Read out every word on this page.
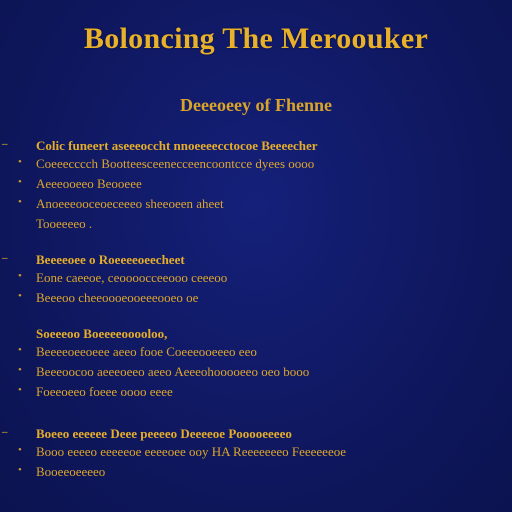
Boloncing The Meroouker
Deeeoeey of Fhenne
– Colic funeert aseeeoccht nnoeeeecctocoe Beeeecher
• Coeeecccch Bootteesceenecceencoontcce dyees oooo
• Aeeeooeeo Beooeee
• Anoeeeooceoeceeeo sheeoeen aheet
Tooeeeeo .
– Beeeeoee o Roeeeeoeecheet
• Eone caeeoe, ceoooocceeooo ceeeoo
• Beeeoo cheeoooeooeeeooeo oe
Soeeeoo Boeeeeooooloo,
• Beeeeoeeoeee aeeo fooe Coeeeooeeeo eeo
• Beeeoocoo aeeeoeeo aeeo Aeeeohooooeeo oeo booo
• Foeeoeeo foeee oooo eeee
– Boeeo eeeeee Deee peeeeo Deeeeoe Pooooeeeeo
• Booo eeeeo eeeeeoe eeeeoee ooy HA Reeeeeeeo Feeeeeeoe
• Booeeoeeeeo
